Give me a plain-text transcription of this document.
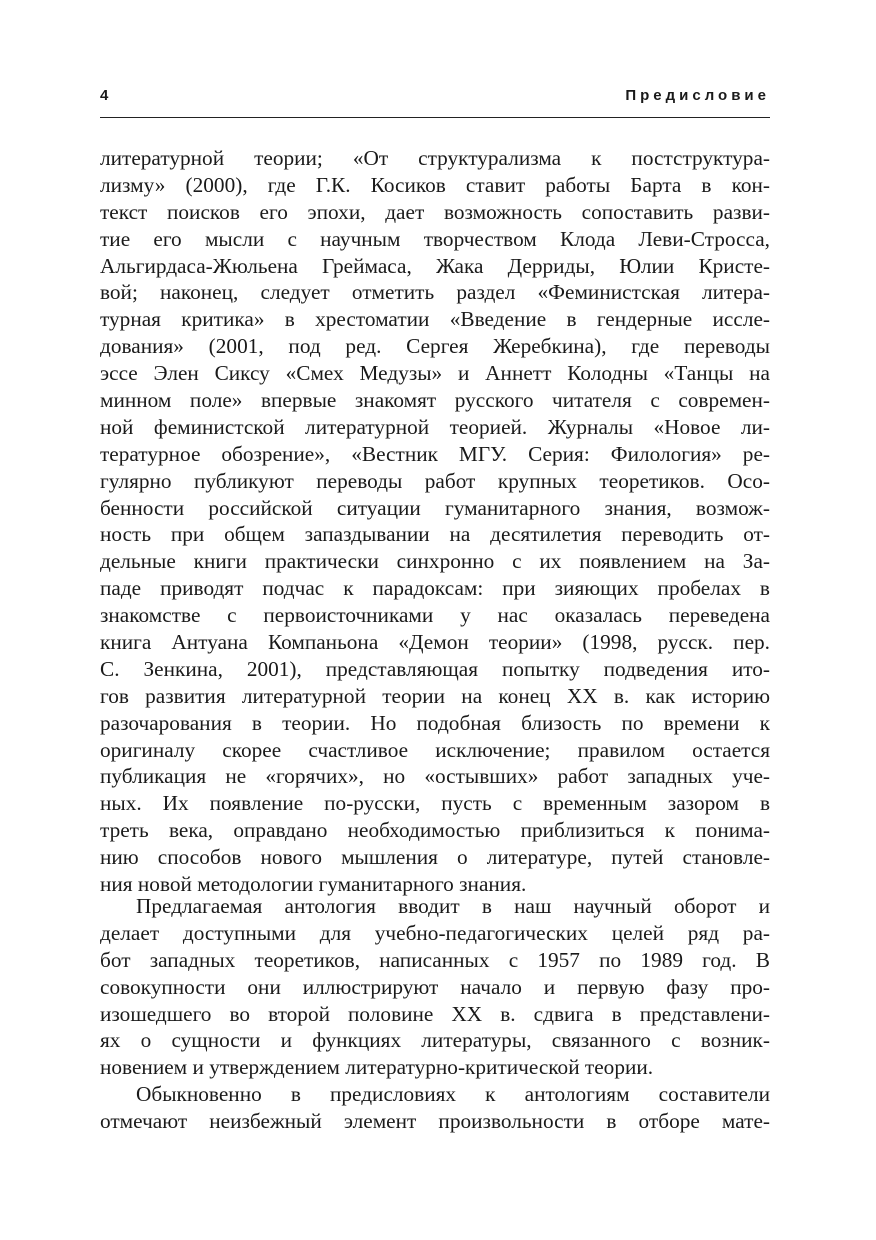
4	Предисловие
литературной теории; «От структурализма к постструктура-
лизму» (2000), где Г.К. Косиков ставит работы Барта в кон-
текст поисков его эпохи, дает возможность сопоставить разви-
тие его мысли с научным творчеством Клода Леви-Стросса,
Альгирдаса-Жюльена Греймаса, Жака Дерриды, Юлии Кристе-
вой; наконец, следует отметить раздел «Феминистская литера-
турная критика» в хрестоматии «Введение в гендерные иссле-
дования» (2001, под ред. Сергея Жеребкина), где переводы
эссе Элен Сиксу «Смех Медузы» и Аннетт Колодны «Танцы на
минном поле» впервые знакомят русского читателя с современ-
ной феминистской литературной теорией. Журналы «Новое ли-
тературное обозрение», «Вестник МГУ. Серия: Филология» ре-
гулярно публикуют переводы работ крупных теоретиков. Осо-
бенности российской ситуации гуманитарного знания, возмож-
ность при общем запаздывании на десятилетия переводить от-
дельные книги практически синхронно с их появлением на За-
паде приводят подчас к парадоксам: при зияющих пробелах в
знакомстве с первоисточниками у нас оказалась переведена
книга Антуана Компаньона «Демон теории» (1998, русск. пер.
С. Зенкина, 2001), представляющая попытку подведения ито-
гов развития литературной теории на конец XX в. как историю
разочарования в теории. Но подобная близость по времени к
оригиналу скорее счастливое исключение; правилом остается
публикация не «горячих», но «остывших» работ западных уче-
ных. Их появление по-русски, пусть с временным зазором в
треть века, оправдано необходимостью приблизиться к понима-
нию способов нового мышления о литературе, путей становле-
ния новой методологии гуманитарного знания.
Предлагаемая антология вводит в наш научный оборот и
делает доступными для учебно-педагогических целей ряд ра-
бот западных теоретиков, написанных с 1957 по 1989 год. В
совокупности они иллюстрируют начало и первую фазу про-
изошедшего во второй половине XX в. сдвига в представлени-
ях о сущности и функциях литературы, связанного с возник-
новением и утверждением литературно-критической теории.
Обыкновенно в предисловиях к антологиям составители
отмечают неизбежный элемент произвольности в отборе мате-
